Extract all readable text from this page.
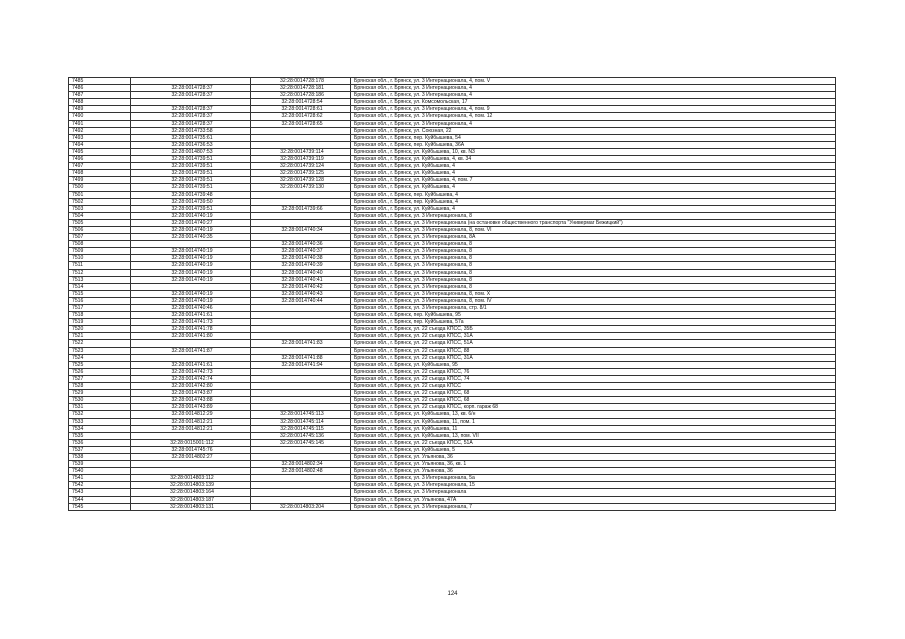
7485		32:28:0014728:178	Брянская обл., г. Брянск, ул. 3 Интернационала, 4, пом. V
7486	32:28:0014728:37	32:28:0014728:181	Брянская обл., г. Брянск, ул. 3 Интернационала, 4
7487	32:28:0014728:37	32:28:0014728:186	Брянская обл., г. Брянск, ул. 3 Интернационала, 4
7488		32:28:0014728:54	Брянская обл., г. Брянск, ул. Комсомольская, 17
7489	32:28:0014728:37	32:28:0014728:61	Брянская обл., г. Брянск, ул. 3 Интернационала, 4, пом. 9
7490	32:28:0014728:37	32:28:0014728:62	Брянская обл., г. Брянск, ул. 3 Интернационала, 4, пом. 12
7491	32:28:0014728:37	32:28:0014728:65	Брянская обл., г. Брянск, ул. 3 Интернационала, 4
7492	32:28:0014733:58		Брянская обл., г. Брянск, ул. Союзная, 22
7493	32:28:0014735:61		Брянская обл., г. Брянск, пер. Куйбышева, 54
7494	32:28:0014736:53		Брянская обл., г. Брянск, пер. Куйбышева, 36А
7495	32:28:0014807:53	32:28:0014739:114	Брянская обл., г. Брянск, ул. Куйбышева, 10, кв. N3
7496	32:28:0014739:51	32:28:0014739:119	Брянская обл., г. Брянск, ул. Куйбышева, 4, кв. 34
7497	32:28:0014739:51	32:28:0014739:124	Брянская обл., г. Брянск, ул. Куйбышева, 4
7498	32:28:0014739:51	32:28:0014739:125	Брянская обл., г. Брянск, ул. Куйбышева, 4
7499	32:28:0014739:51	32:28:0014739:128	Брянская обл., г. Брянск, ул. Куйбышева, 4, пом. 7
7500	32:28:0014739:51	32:28:0014739:130	Брянская обл., г. Брянск, ул. Куйбышева, 4
7501	32:28:0014739:48		Брянская обл., г. Брянск, пер. Куйбышева, 4
7502	32:28:0014739:50		Брянская обл., г. Брянск, пер. Куйбышева, 4
7503	32:28:0014739:51	32:28:0014739:66	Брянская обл., г. Брянск, ул. Куйбышева, 4
7504	32:28:0014740:19		Брянская обл., г. Брянск, ул. 3 Интернационала, 8
7505	32:28:0014740:27		Брянская обл., г. Брянск, ул. 3 Интернационала (на остановке общественного транспорта "Универмаг Бежицкий")
7506	32:28:0014740:19	32:28:0014740:34	Брянская обл., г. Брянск, ул. 3 Интернационала, 8, пом. VI
7507	32:28:0014740:35		Брянская обл., г. Брянск, ул. 3 Интернационала, 8А
7508		32:28:0014740:36	Брянская обл., г. Брянск, ул. 3 Интернационала, 8
7509	32:28:0014740:19	32:28:0014740:37	Брянская обл., г. Брянск, ул. 3 Интернационала, 8
7510	32:28:0014740:19	32:28:0014740:38	Брянская обл., г. Брянск, ул. 3 Интернационала, 8
7511	32:28:0014740:19	32:28:0014740:39	Брянская обл., г. Брянск, ул. 3 Интернационала, 8
7512	32:28:0014740:19	32:28:0014740:40	Брянская обл., г. Брянск, ул. 3 Интернационала, 8
7513	32:28:0014740:19	32:28:0014740:41	Брянская обл., г. Брянск, ул. 3 Интернационала, 8
7514		32:28:0014740:42	Брянская обл., г. Брянск, ул. 3 Интернационала, 8
7515	32:28:0014740:19	32:28:0014740:43	Брянская обл., г. Брянск, ул. 3 Интернационала, 8, пом. X
7516	32:28:0014740:19	32:28:0014740:44	Брянская обл., г. Брянск, ул. 3 Интернационала, 8, пом. IV
7517	32:28:0014740:46		Брянская обл., г. Брянск, ул. 3 Интернационала, стр. 8/1
7518	32:28:0014741:61		Брянская обл., г. Брянск, пер. Куйбышева, 95
7519	32:28:0014741:73		Брянская обл., г. Брянск, пер. Куйбышева, 57а
7520	32:28:0014741:78		Брянская обл., г. Брянск, ул. 22 съезда КПСС, 35Б
7521	32:28:0014741:80		Брянская обл., г. Брянск, ул. 22 съезда КПСС, 31А
7522		32:28:0014741:83	Брянская обл., г. Брянск, ул. 22 съезда КПСС, 51А
7523	32:28:0014741:87		Брянская обл., г. Брянск, ул. 22 съезда КПСС, 88
7524		32:28:0014741:88	Брянская обл., г. Брянск, ул. 22 съезда КПСС, 31А
7525	32:28:0014741:61	32:28:0014741:94	Брянская обл., г. Брянск, ул. Куйбышева, 95
7526	32:28:0014742:73		Брянская обл., г. Брянск, ул. 22 съезда КПСС, 76
7527	32:28:0014742:74		Брянская обл., г. Брянск, ул. 22 съезда КПСС, 74
7528	32:28:0014742:80		Брянская обл., г. Брянск, ул. 22 съезда КПСС
7529	32:28:0014743:87		Брянская обл., г. Брянск, ул. 22 съезда КПСС, 68
7530	32:28:0014743:88		Брянская обл., г. Брянск, ул. 22 съезда КПСС, 68
7531	32:28:0014743:89		Брянская обл., г. Брянск, ул. 22 съезда КПСС, корп. гараж 68
7532	32:28:0014812:29	32:28:0014745:113	Брянская обл., г. Брянск, ул. Куйбышева, 13, кв. 6/н
7533	32:28:0014812:21	32:28:0014745:114	Брянская обл., г. Брянск, ул. Куйбышева, 11, пом. 1
7534	32:28:0014812:21	32:28:0014745:115	Брянская обл., г. Брянск, ул. Куйбышева, 11
7535		32:28:0014745:136	Брянская обл., г. Брянск, ул. Куйбышева, 13, пом. VII
7536	32:28:0015001:112	32:28:0014745:145	Брянская обл., г. Брянск, ул. 22 съезда КПСС, 51А
7537	32:28:0014745:76		Брянская обл., г. Брянск, ул. Куйбышева, 5
7538	32:28:0014802:27		Брянская обл., г. Брянск, ул. Ульянова, 36
7539		32:28:0014802:34	Брянская обл., г. Брянск, ул. Ульянова, 36, кв. 1
7540		32:28:0014802:48	Брянская обл., г. Брянск, ул. Ульянова, 36
7541	32:28:0014803:112		Брянская обл., г. Брянск, ул. 3 Интернационала, 5а
7542	32:28:0014803:139		Брянская обл., г. Брянск, ул. 3 Интернационала, 15
7543	32:28:0014803:164		Брянская обл., г. Брянск, ул. 3 Интернационала
7544	32:28:0014803:187		Брянская обл., г. Брянск, ул. Ульянова, 47А
7545	32:28:0014803:131	32:28:0014803:204	Брянская обл., г. Брянск, ул. 3 Интернационала, 7
124
